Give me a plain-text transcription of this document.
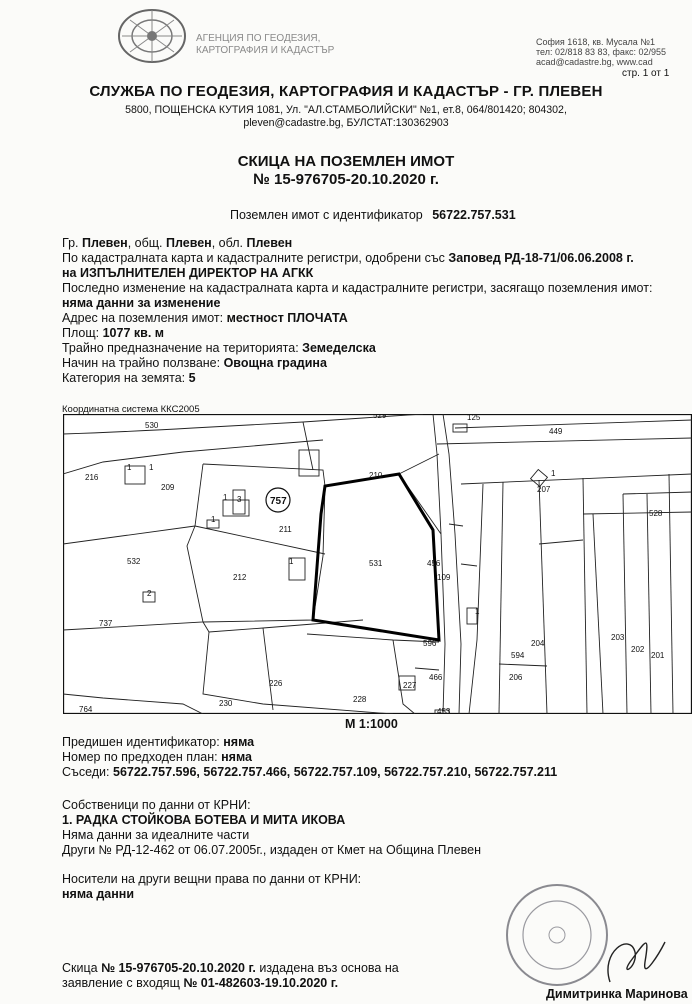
АГЕНЦИЯ ПО ГЕОДЕЗИЯ, КАРТОГРАФИЯ И КАДАСТЪР
София 1618, кв. Мусала №1
тел: 02/818 83 83, факс: 02/955
acad@cadastre.bg, www.cad
стр. 1 от 1
СЛУЖБА ПО ГЕОДЕЗИЯ, КАРТОГРАФИЯ И КАДАСТЪР - ГР. ПЛЕВЕН
5800, ПОЩЕНСКА КУТИЯ 1081, Ул. "АЛ.СТАМБОЛИЙСКИ" №1, ет.8, 064/801420; 804302,
pleven@cadastre.bg, БУЛСТАТ:130362903
СКИЦА НА ПОЗЕМЛЕН ИМОТ
№ 15-976705-20.10.2020 г.
Поземлен имот с идентификатор 56722.757.531
Гр. Плевен, общ. Плевен, обл. Плевен
По кадастралната карта и кадастралните регистри, одобрени със Заповед РД-18-71/06.06.2008 г.
на ИЗПЪЛНИТЕЛЕН ДИРЕКТОР НА АГКК
Последно изменение на кадастралната карта и кадастралните регистри, засягащо поземления имот:
няма данни за изменение
Адрес на поземления имот: местност ПЛОЧАТА
Площ: 1077 кв. м
Трайно предназначение на територията: Земеделска
Начин на трайно ползване: Овощна градина
Категория на земята: 5
Координатна система ККС2005
530
529	125
449
216
209
210
207
757
211
528
532	531
212
456
109
737
204
203
202
201
594
596
226	227
466	206
228
230
764	453
1
2
3
1
1
1
1 1
1
М 1:1000
Предишен идентификатор: няма
Номер по предходен план: няма
Съседи: 56722.757.596, 56722.757.466, 56722.757.109, 56722.757.210, 56722.757.211
Собственици по данни от КРНИ:
1. РАДКА СТОЙКОВА БОТЕВА И МИТА ИКОВА
Няма данни за идеалните части
Други № РД-12-462 от 06.07.2005г., издаден от Кмет на Община Плевен
Носители на други вещни права по данни от КРНИ:
няма данни
Скица № 15-976705-20.10.2020 г. издадена въз основа на
заявление с входящ № 01-482603-19.10.2020 г.
Димитринка Маринова
